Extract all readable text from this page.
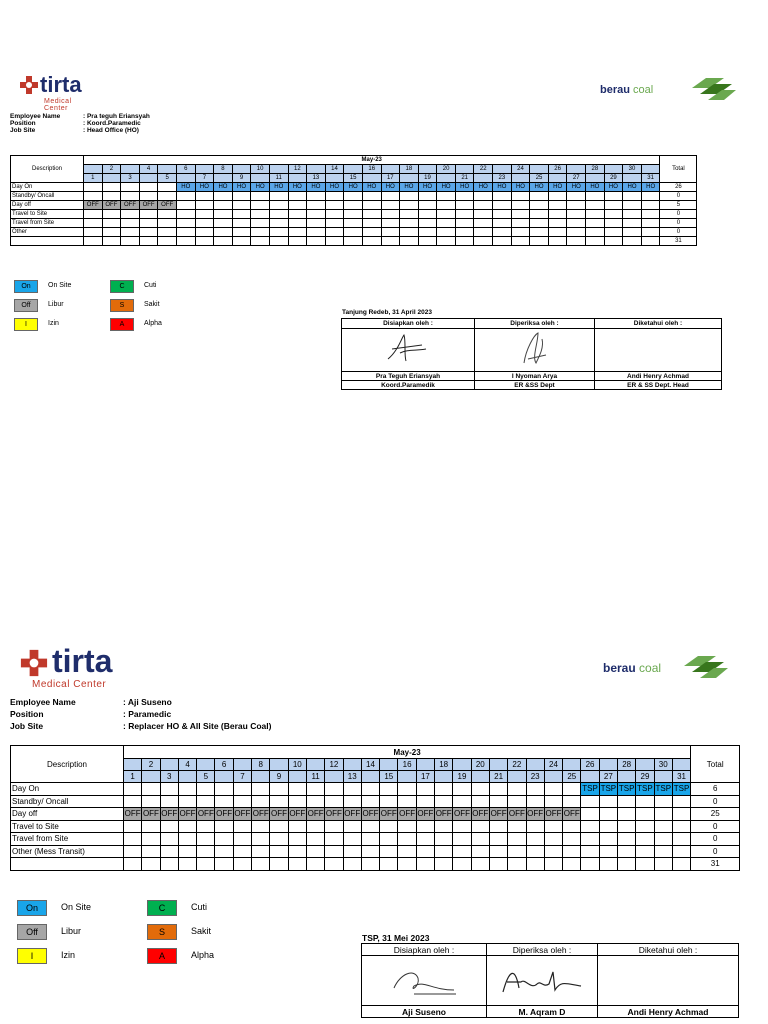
tirta
Medical Center
berau coal
Employee Name	: Pra teguh Eriansyah
Position	: Koord.Paramedic
Job Site	: Head Office (HO)
Description	May-23																															Total
		2		4		6		8		10		12		14		16		18		20		22		24		26		28		30		
	1		3		5		7		9		11		13		15		17		19		21		23		25		27		29		31	
Day On						HO	HO	HO	HO	HO	HO	HO	HO	HO	HO	HO	HO	HO	HO	HO	HO	HO	HO	HO	HO	HO	HO	HO	HO	HO	HO	26
Standby/ Oncall																																0
Day off	OFF	OFF	OFF	OFF	OFF																											5
Travel to Site																																0
Travel from Site																																0
Other																																0
																																31
On On Site
Off Libur
I	Izin
C	Cuti
S	Sakit
A	Alpha
Tanjung Redeb, 31 April 2023
Disiapkan oleh :	Diperiksa oleh :	Diketahui oleh :

Pra Teguh Eriansyah	I Nyoman Arya	Andi Henry Achmad
Koord.Paramedik	ER &SS Dept	ER & SS Dept. Head
tirta
Medical Center
berau coal
Employee Name	: Aji Suseno
Position	: Paramedic
Job Site	: Replacer HO & All Site (Berau Coal)
Description	May-23																															Total
		2		4		6		8		10		12		14		16		18		20		22		24		26		28		30		
	1		3		5		7		9		11		13		15		17		19		21		23		25		27		29		31	
Day On																										TSP	TSP	TSP	TSP	TSP	TSP	6
Standby/ Oncall																																0
Day off	OFF	OFF	OFF	OFF	OFF	OFF	OFF	OFF	OFF	OFF	OFF	OFF	OFF	OFF	OFF	OFF	OFF	OFF	OFF	OFF	OFF	OFF	OFF	OFF	OFF							25
Travel to Site																																0
Travel from Site																																0
Other (Mess Transit)																																0
																																31
On	On Site
Off	Libur
I	Izin
C	Cuti
S	Sakit
A	Alpha
TSP, 31 Mei 2023
Disiapkan oleh :	Diperiksa oleh :	Diketahui oleh :

Aji Suseno	M. Aqram D	Andi Henry Achmad
